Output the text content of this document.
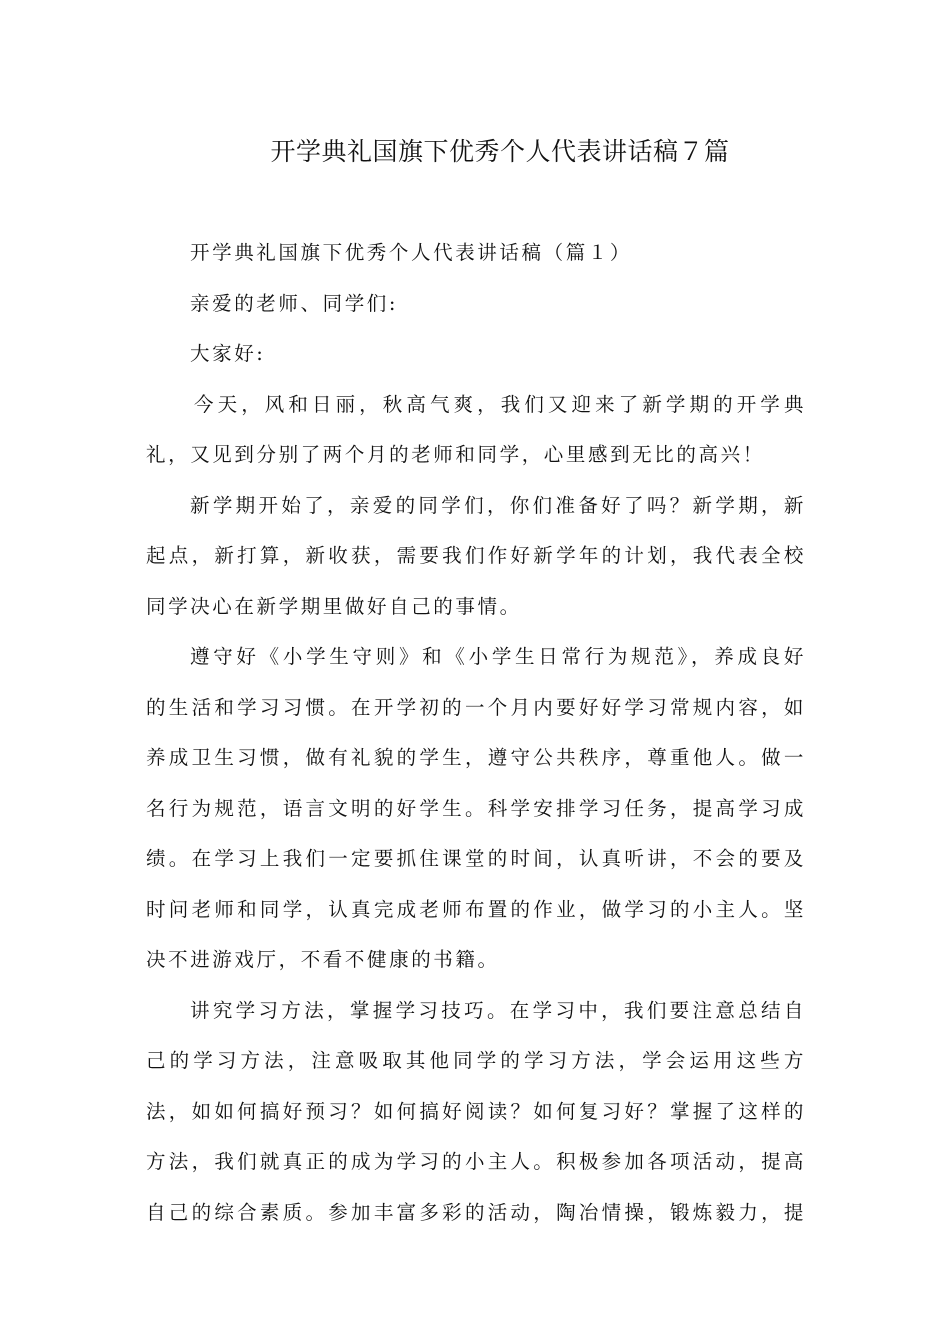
开学典礼国旗下优秀个人代表讲话稿７篇
开学典礼国旗下优秀个人代表讲话稿（篇１）
亲爱的老师、同学们:
大家好:
今天，风和日丽，秋高气爽，我们又迎来了新学期的开学典
礼，又见到分别了两个月的老师和同学，心里感到无比的高兴！
新学期开始了，亲爱的同学们，你们准备好了吗？新学期，新
起点，新打算，新收获，需要我们作好新学年的计划，我代表全校
同学决心在新学期里做好自己的事情。
遵守好《小学生守则》和《小学生日常行为规范》，养成良好
的生活和学习习惯。在开学初的一个月内要好好学习常规内容，如
养成卫生习惯，做有礼貌的学生，遵守公共秩序，尊重他人。做一
名行为规范，语言文明的好学生。科学安排学习任务，提高学习成
绩。在学习上我们一定要抓住课堂的时间，认真听讲，不会的要及
时问老师和同学，认真完成老师布置的作业，做学习的小主人。坚
决不进游戏厅，不看不健康的书籍。
讲究学习方法，掌握学习技巧。在学习中，我们要注意总结自
己的学习方法，注意吸取其他同学的学习方法，学会运用这些方
法，如如何搞好预习？如何搞好阅读？如何复习好？掌握了这样的
方法，我们就真正的成为学习的小主人。积极参加各项活动，提高
自己的综合素质。参加丰富多彩的活动，陶冶情操，锻炼毅力，提
